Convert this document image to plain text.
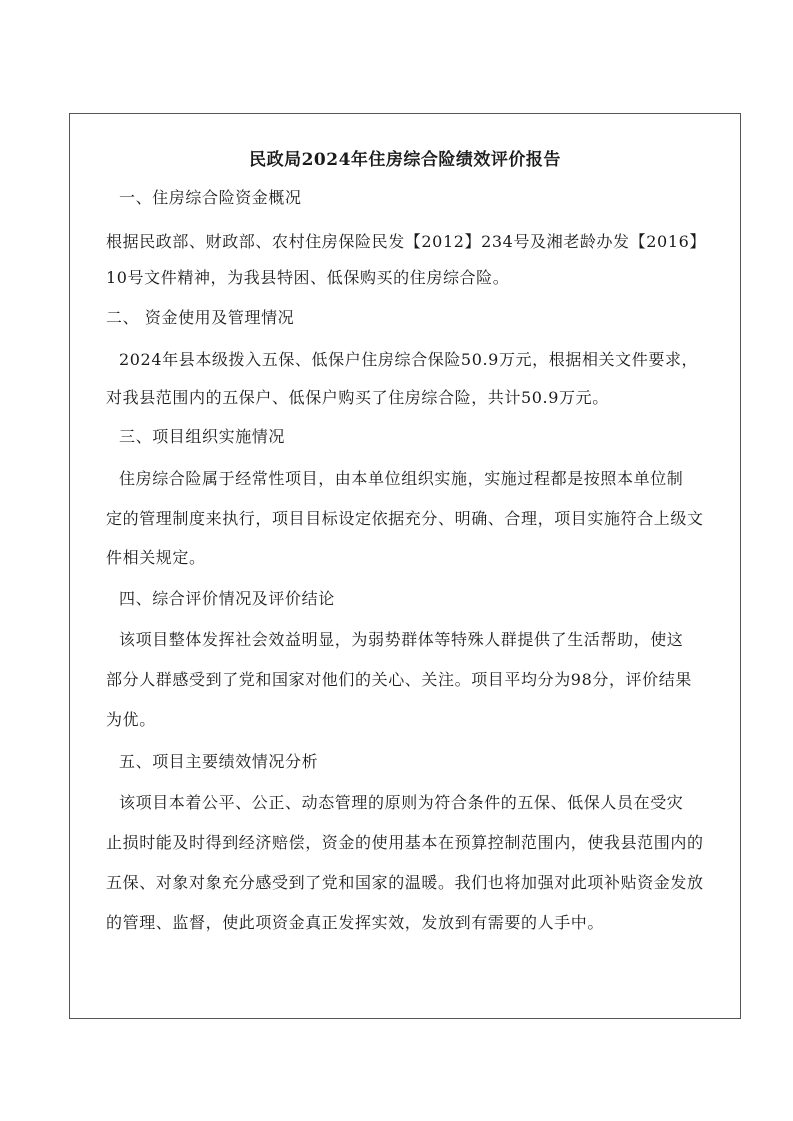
民政局2024年住房综合险绩效评价报告
一、住房综合险资金概况
根据民政部、财政部、农村住房保险民发【2012】234号及湘老龄办发【2016】
10号文件精神，为我县特困、低保购买的住房综合险。
二、 资金使用及管理情况
2024年县本级拨入五保、低保户住房综合保险50.9万元，根据相关文件要求，
对我县范围内的五保户、低保户购买了住房综合险，共计50.9万元。
三、项目组织实施情况
住房综合险属于经常性项目，由本单位组织实施，实施过程都是按照本单位制
定的管理制度来执行，项目目标设定依据充分、明确、合理，项目实施符合上级文
件相关规定。
四、综合评价情况及评价结论
该项目整体发挥社会效益明显，为弱势群体等特殊人群提供了生活帮助，使这
部分人群感受到了党和国家对他们的关心、关注。项目平均分为98分，评价结果
为优。
五、项目主要绩效情况分析
该项目本着公平、公正、动态管理的原则为符合条件的五保、低保人员在受灾
止损时能及时得到经济赔偿，资金的使用基本在预算控制范围内，使我县范围内的
五保、对象对象充分感受到了党和国家的温暖。我们也将加强对此项补贴资金发放
的管理、监督，使此项资金真正发挥实效，发放到有需要的人手中。
